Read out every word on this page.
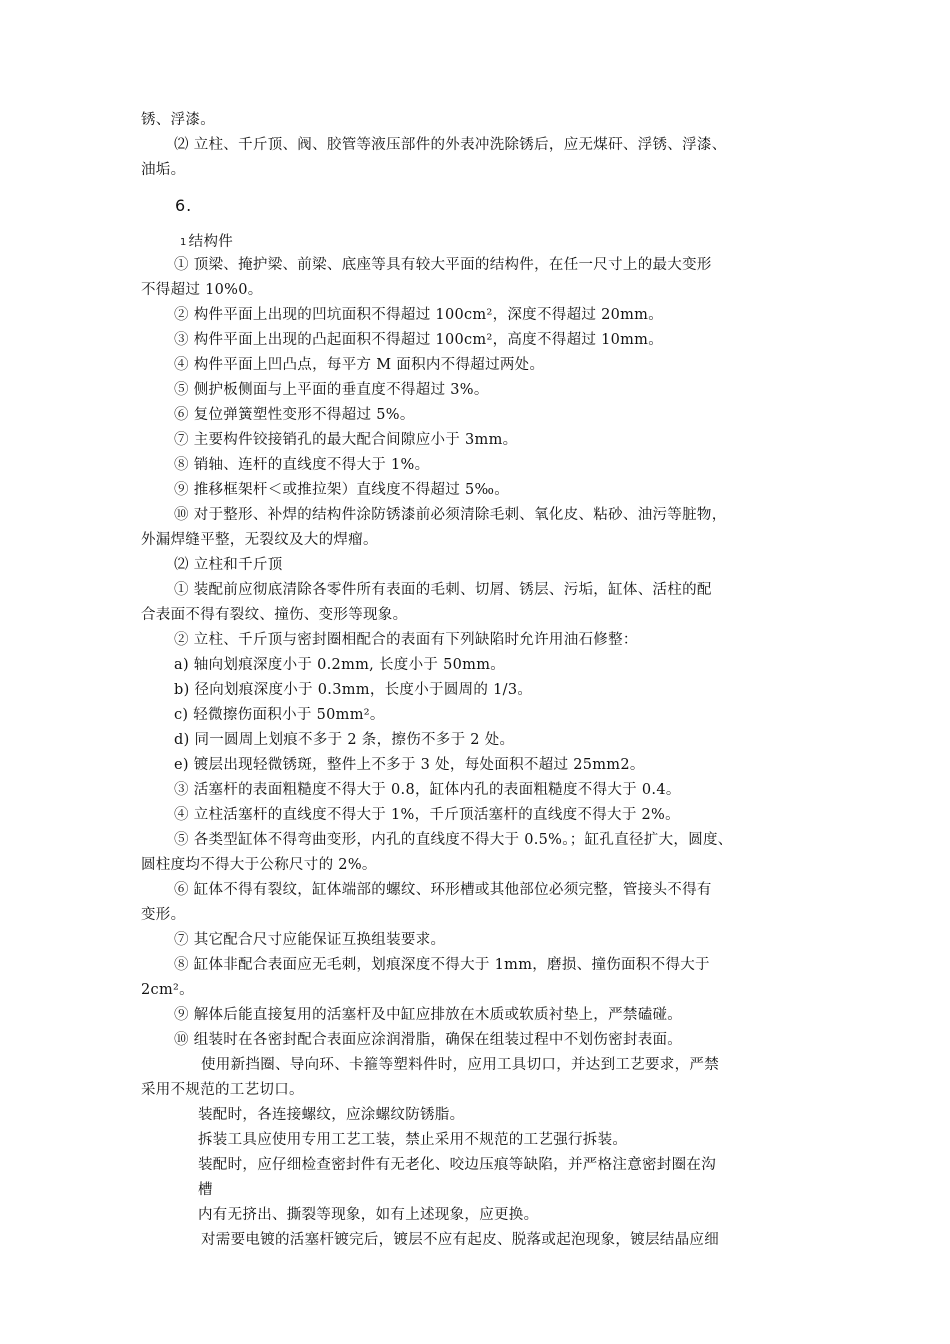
锈、浮漆。
⑵ 立柱、千斤顶、阀、胶管等液压部件的外表冲洗除锈后，应无煤矸、浮锈、浮漆、
油垢。
6.
1 结构件
① 顶梁、掩护梁、前梁、底座等具有较大平面的结构件，在任一尺寸上的最大变形
不得超过 10%0。
② 构件平面上出现的凹坑面积不得超过 100cm²，深度不得超过 20mm。
③ 构件平面上出现的凸起面积不得超过 100cm²，高度不得超过 10mm。
④ 构件平面上凹凸点，每平方 M 面积内不得超过两处。
⑤ 侧护板侧面与上平面的垂直度不得超过 3%。
⑥ 复位弹簧塑性变形不得超过 5%。
⑦ 主要构件铰接销孔的最大配合间隙应小于 3mm。
⑧ 销轴、连杆的直线度不得大于 1%。
⑨ 推移框架杆＜或推拉架）直线度不得超过 5‰。
⑩ 对于整形、补焊的结构件涂防锈漆前必须清除毛刺、氧化皮、粘砂、油污等脏物，
外漏焊缝平整，无裂纹及大的焊瘤。
⑵ 立柱和千斤顶
① 装配前应彻底清除各零件所有表面的毛刺、切屑、锈层、污垢，缸体、活柱的配
合表面不得有裂纹、撞伤、变形等现象。
② 立柱、千斤顶与密封圈相配合的表面有下列缺陷时允许用油石修整：
a) 轴向划痕深度小于 0.2mm, 长度小于 50mm。
b) 径向划痕深度小于 0.3mm，长度小于圆周的 1/3。
c) 轻微擦伤面积小于 50mm²。
d) 同一圆周上划痕不多于 2 条，擦伤不多于 2 处。
e) 镀层出现轻微锈斑，整件上不多于 3 处，每处面积不超过 25mm2。
③ 活塞杆的表面粗糙度不得大于 0.8，缸体内孔的表面粗糙度不得大于 0.4。
④ 立柱活塞杆的直线度不得大于 1%，千斤顶活塞杆的直线度不得大于 2%。
⑤ 各类型缸体不得弯曲变形，内孔的直线度不得大于 0.5%。；缸孔直径扩大，圆度、
圆柱度均不得大于公称尺寸的 2%。
⑥ 缸体不得有裂纹，缸体端部的螺纹、环形槽或其他部位必须完整，管接头不得有
变形。
⑦ 其它配合尺寸应能保证互换组装要求。
⑧ 缸体非配合表面应无毛刺，划痕深度不得大于 1mm，磨损、撞伤面积不得大于
2cm²。
⑨ 解体后能直接复用的活塞杆及中缸应排放在木质或软质衬垫上，严禁磕碰。
⑩ 组装时在各密封配合表面应涂润滑脂，确保在组装过程中不划伤密封表面。
使用新挡圈、导向环、卡箍等塑料件时，应用工具切口，并达到工艺要求，严禁
采用不规范的工艺切口。
装配时，各连接螺纹，应涂螺纹防锈脂。
拆装工具应使用专用工艺工装，禁止采用不规范的工艺强行拆装。
装配时，应仔细检查密封件有无老化、咬边压痕等缺陷，并严格注意密封圈在沟
槽
内有无挤出、撕裂等现象，如有上述现象，应更换。
对需要电镀的活塞杆镀完后，镀层不应有起皮、脱落或起泡现象，镀层结晶应细
